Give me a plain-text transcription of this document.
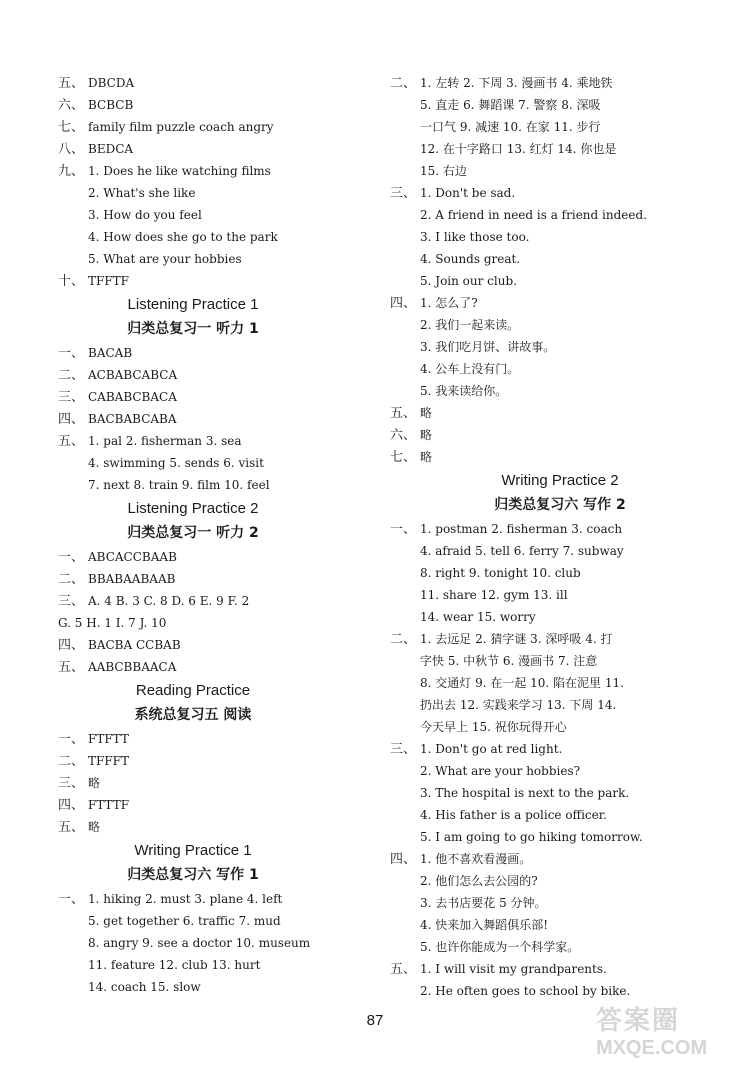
五、 DBCDA
六、 BCBCB
七、 family film puzzle coach angry
八、 BEDCA
九、 1. Does he like watching films
2. What's she like
3. How do you feel
4. How does she go to the park
5. What are your hobbies
十、 TFFTF
Listening Practice 1
归类总复习一 听力 1
一、 BACAB
二、 ACBABCABCA
三、 CABABCBACA
四、 BACBABCABA
五、 1. pal 2. fisherman 3. sea
4. swimming 5. sends 6. visit
7. next 8. train 9. film 10. feel
Listening Practice 2
归类总复习一 听力 2
一、 ABCACCBAAB
二、 BBABAABAAB
三、 A. 4 B. 3 C. 8 D. 6 E. 9 F. 2
G. 5 H. 1 I. 7 J. 10
四、 BACBA CCBAB
五、 AABCBBAACA
Reading Practice
系统总复习五 阅读
一、 FTFTT
二、 TFFFT
三、 略
四、 FTTTF
五、 略
Writing Practice 1
归类总复习六 写作 1
一、 1. hiking 2. must 3. plane 4. left
5. get together 6. traffic 7. mud
8. angry 9. see a doctor 10. museum
11. feature 12. club 13. hurt
14. coach 15. slow
二、 1. 左转 2. 下周 3. 漫画书 4. 乘地铁
5. 直走 6. 舞蹈课 7. 警察 8. 深吸
一口气 9. 减速 10. 在家 11. 步行
12. 在十字路口 13. 红灯 14. 你也是
15. 右边
三、 1. Don't be sad.
2. A friend in need is a friend indeed.
3. I like those too.
4. Sounds great.
5. Join our club.
四、 1. 怎么了?
2. 我们一起来读。
3. 我们吃月饼、讲故事。
4. 公车上没有门。
5. 我来读给你。
五、 略
六、 略
七、 略
Writing Practice 2
归类总复习六 写作 2
一、 1. postman 2. fisherman 3. coach
4. afraid 5. tell 6. ferry 7. subway
8. right 9. tonight 10. club
11. share 12. gym 13. ill
14. wear 15. worry
二、 1. 去远足 2. 猜字谜 3. 深呼吸 4. 打
字快 5. 中秋节 6. 漫画书 7. 注意
8. 交通灯 9. 在一起 10. 陷在泥里 11.
扔出去 12. 实践来学习 13. 下周 14.
今天早上 15. 祝你玩得开心
三、 1. Don't go at red light.
2. What are your hobbies?
3. The hospital is next to the park.
4. His father is a police officer.
5. I am going to go hiking tomorrow.
四、 1. 他不喜欢看漫画。
2. 他们怎么去公园的?
3. 去书店要花 5 分钟。
4. 快来加入舞蹈俱乐部!
5. 也许你能成为一个科学家。
五、 1. I will visit my grandparents.
2. He often goes to school by bike.
87	答案圈
MXQE.COM
